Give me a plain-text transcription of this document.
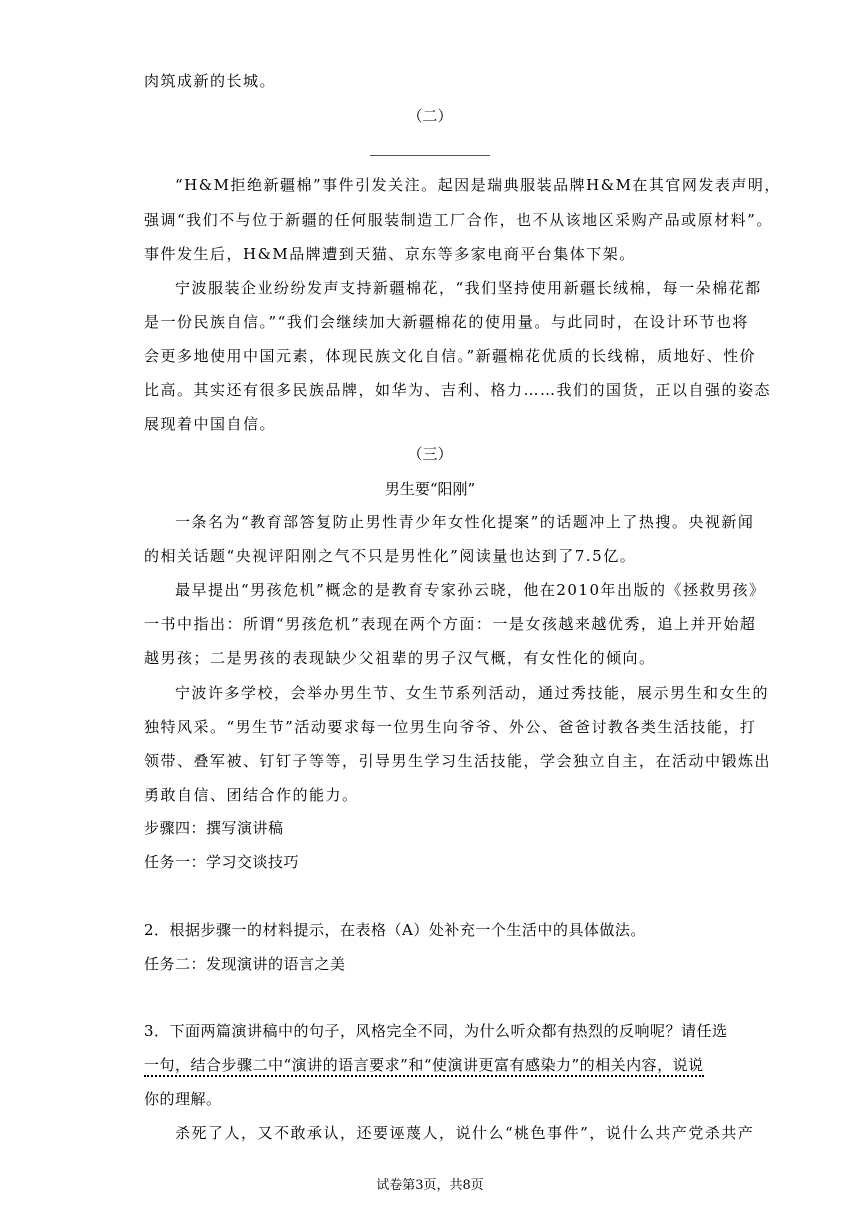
肉筑成新的长城。
（二）
“H&M拒绝新疆棉”事件引发关注。起因是瑞典服装品牌H&M在其官网发表声明，
强调“我们不与位于新疆的任何服装制造工厂合作，也不从该地区采购产品或原材料”。
事件发生后，H&M品牌遭到天猫、京东等多家电商平台集体下架。
宁波服装企业纷纷发声支持新疆棉花，“我们坚持使用新疆长绒棉，每一朵棉花都
是一份民族自信。”“我们会继续加大新疆棉花的使用量。与此同时，在设计环节也将
会更多地使用中国元素，体现民族文化自信。”新疆棉花优质的长线棉，质地好、性价
比高。其实还有很多民族品牌，如华为、吉利、格力……我们的国货，正以自强的姿态
展现着中国自信。
（三）
男生要“阳刚”
一条名为“教育部答复防止男性青少年女性化提案”的话题冲上了热搜。央视新闻
的相关话题“央视评阳刚之气不只是男性化”阅读量也达到了7.5亿。
最早提出“男孩危机”概念的是教育专家孙云晓，他在2010年出版的《拯救男孩》
一书中指出：所谓“男孩危机”表现在两个方面：一是女孩越来越优秀，追上并开始超
越男孩；二是男孩的表现缺少父祖辈的男子汉气概，有女性化的倾向。
宁波许多学校，会举办男生节、女生节系列活动，通过秀技能，展示男生和女生的
独特风采。“男生节”活动要求每一位男生向爷爷、外公、爸爸讨教各类生活技能，打
领带、叠军被、钉钉子等等，引导男生学习生活技能，学会独立自主，在活动中锻炼出
勇敢自信、团结合作的能力。
步骤四：撰写演讲稿
任务一：学习交谈技巧
2．根据步骤一的材料提示，在表格（A）处补充一个生活中的具体做法。
任务二：发现演讲的语言之美
3．下面两篇演讲稿中的句子，风格完全不同，为什么听众都有热烈的反响呢？请任选
一句，结合步骤二中“演讲的语言要求”和“使演讲更富有感染力”的相关内容，说说
你的理解。
杀死了人，又不敢承认，还要诬蔑人，说什么“桃色事件”，说什么共产党杀共产
试卷第3页，共8页
